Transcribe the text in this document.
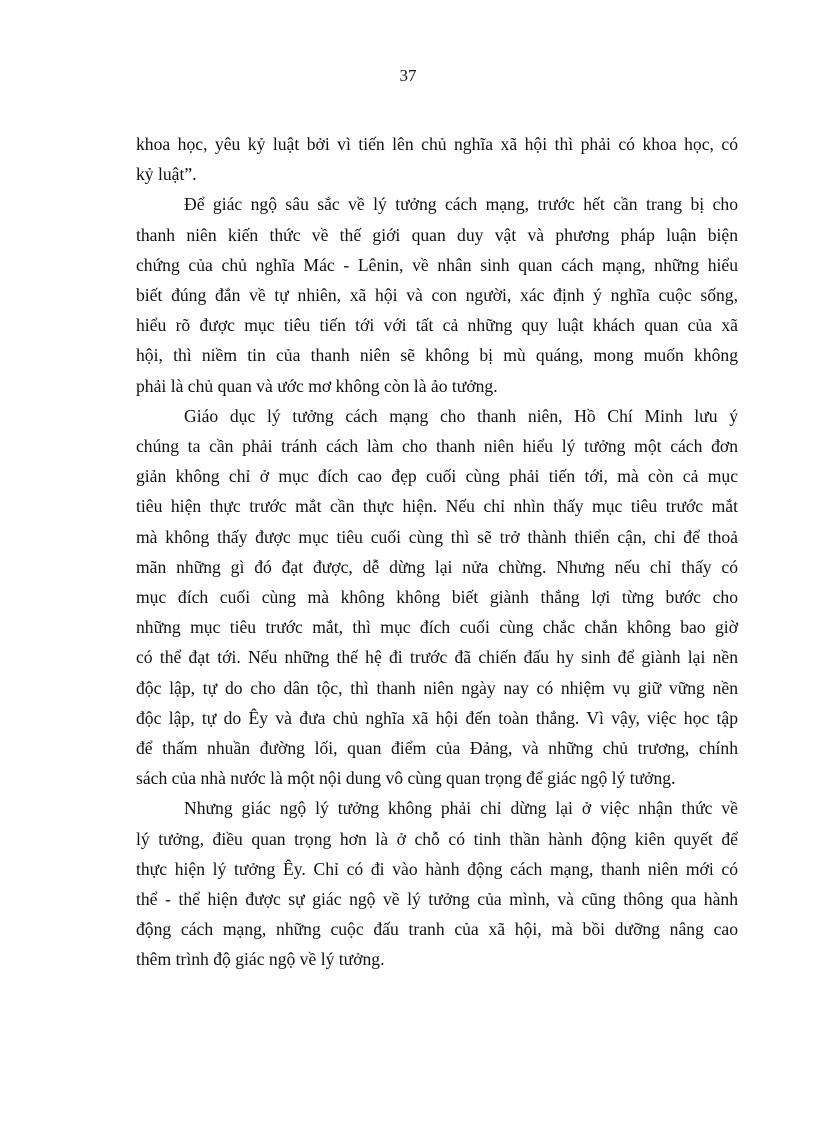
37
khoa học, yêu kỷ luật bởi vì tiến lên chủ nghĩa xã hội thì phải có khoa học, có
kỷ luật”.
Để giác ngộ sâu sắc về lý tưởng cách mạng, trước hết cần trang bị cho
thanh niên kiến thức về thế giới quan duy vật và phương pháp luận biện
chứng của chủ nghĩa Mác - Lênin, về nhân sinh quan cách mạng, những hiểu
biết đúng đắn về tự nhiên, xã hội và con người, xác định ý nghĩa cuộc sống,
hiểu rõ được mục tiêu tiến tới với tất cả những quy luật khách quan của xã
hội, thì niềm tin của thanh niên sẽ không bị mù quáng, mong muốn không
phải là chủ quan và ước mơ không còn là ảo tưởng.
Giáo dục lý tưởng cách mạng cho thanh niên, Hồ Chí Minh lưu ý
chúng ta cần phải tránh cách làm cho thanh niên hiểu lý tưởng một cách đơn
giản không chỉ ở mục đích cao đẹp cuối cùng phải tiến tới, mà còn cả mục
tiêu hiện thực trước mắt cần thực hiện. Nếu chỉ nhìn thấy mục tiêu trước mắt
mà không thấy được mục tiêu cuối cùng thì sẽ trở thành thiển cận, chỉ để thoả
mãn những gì đó đạt được, dễ dừng lại nửa chừng. Nhưng nếu chỉ thấy có
mục đích cuối cùng mà không không biết giành thắng lợi từng bước cho
những mục tiêu trước mắt, thì mục đích cuối cùng chắc chắn không bao giờ
có thể đạt tới. Nếu những thế hệ đi trước đã chiến đấu hy sinh để giành lại nền
độc lập, tự do cho dân tộc, thì thanh niên ngày nay có nhiệm vụ giữ vững nền
độc lập, tự do Êy và đưa chủ nghĩa xã hội đến toàn thắng. Vì vậy, việc học tập
để thấm nhuần đường lối, quan điểm của Đảng, và những chủ trương, chính
sách của nhà nước là một nội dung vô cùng quan trọng để giác ngộ lý tưởng.
Nhưng giác ngộ lý tưởng không phải chỉ dừng lại ở việc nhận thức về
lý tưởng, điều quan trọng hơn là ở chỗ có tinh thần hành động kiên quyết để
thực hiện lý tưởng Êy. Chỉ có đi vào hành động cách mạng, thanh niên mới có
thể - thể hiện được sự giác ngộ về lý tưởng của mình, và cũng thông qua hành
động cách mạng, những cuộc đấu tranh của xã hội, mà bồi dưỡng nâng cao
thêm trình độ giác ngộ về lý tưởng.
